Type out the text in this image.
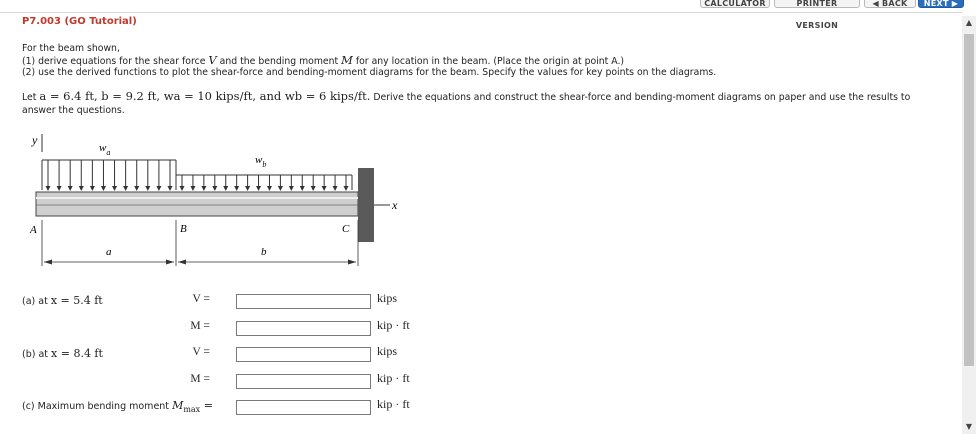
CALCULATOR	PRINTER VERSION
◀ BACK	NEXT ▶
P7.003 (GO Tutorial)
For the beam shown,
(1) derive equations for the shear force V and the bending moment M for any location in the beam. (Place the origin at point A.)
(2) use the derived functions to plot the shear-force and bending-moment diagrams for the beam. Specify the values for key points on the diagrams.
Let a = 6.4 ft, b = 9.2 ft, wa = 10 kips/ft, and wb = 6 kips/ft. Derive the equations and construct the shear-force and bending-moment diagrams on paper and use the results to answer the questions.
y
$w_a$
$w_b$
x
A	B	C
a	b
(a) at x = 5.4 ft	V =	kips
M =	kip · ft
(b) at x = 8.4 ft	V =	kips
M =	kip · ft
(c) Maximum bending moment $M_{max}$ =	kip · ft
▲
▼
